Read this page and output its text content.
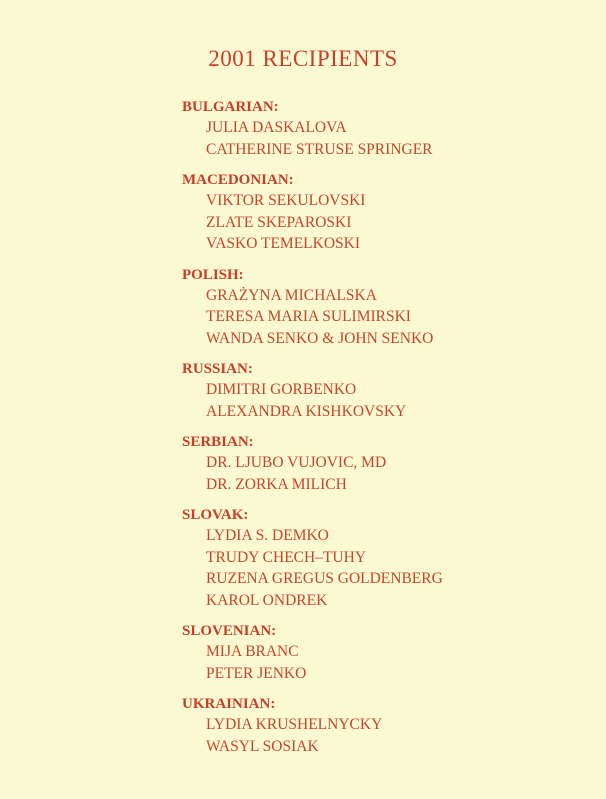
2001 RECIPIENTS
BULGARIAN:
JULIA DASKALOVA
CATHERINE STRUSE SPRINGER
MACEDONIAN:
VIKTOR SEKULOVSKI
ZLATE SKEPAROSKI
VASKO TEMELKOSKI
POLISH:
GRAŻYNA MICHALSKA
TERESA MARIA SULIMIRSKI
WANDA SENKO & JOHN SENKO
RUSSIAN:
DIMITRI GORBENKO
ALEXANDRA KISHKOVSKY
SERBIAN:
DR. LJUBO VUJOVIC, MD
DR. ZORKA MILICH
SLOVAK:
LYDIA S. DEMKO
TRUDY CHECH–TUHY
RUZENA GREGUS GOLDENBERG
KAROL ONDREK
SLOVENIAN:
MIJA BRANC
PETER JENKO
UKRAINIAN:
LYDIA KRUSHELNYCKY
WASYL SOSIAK
